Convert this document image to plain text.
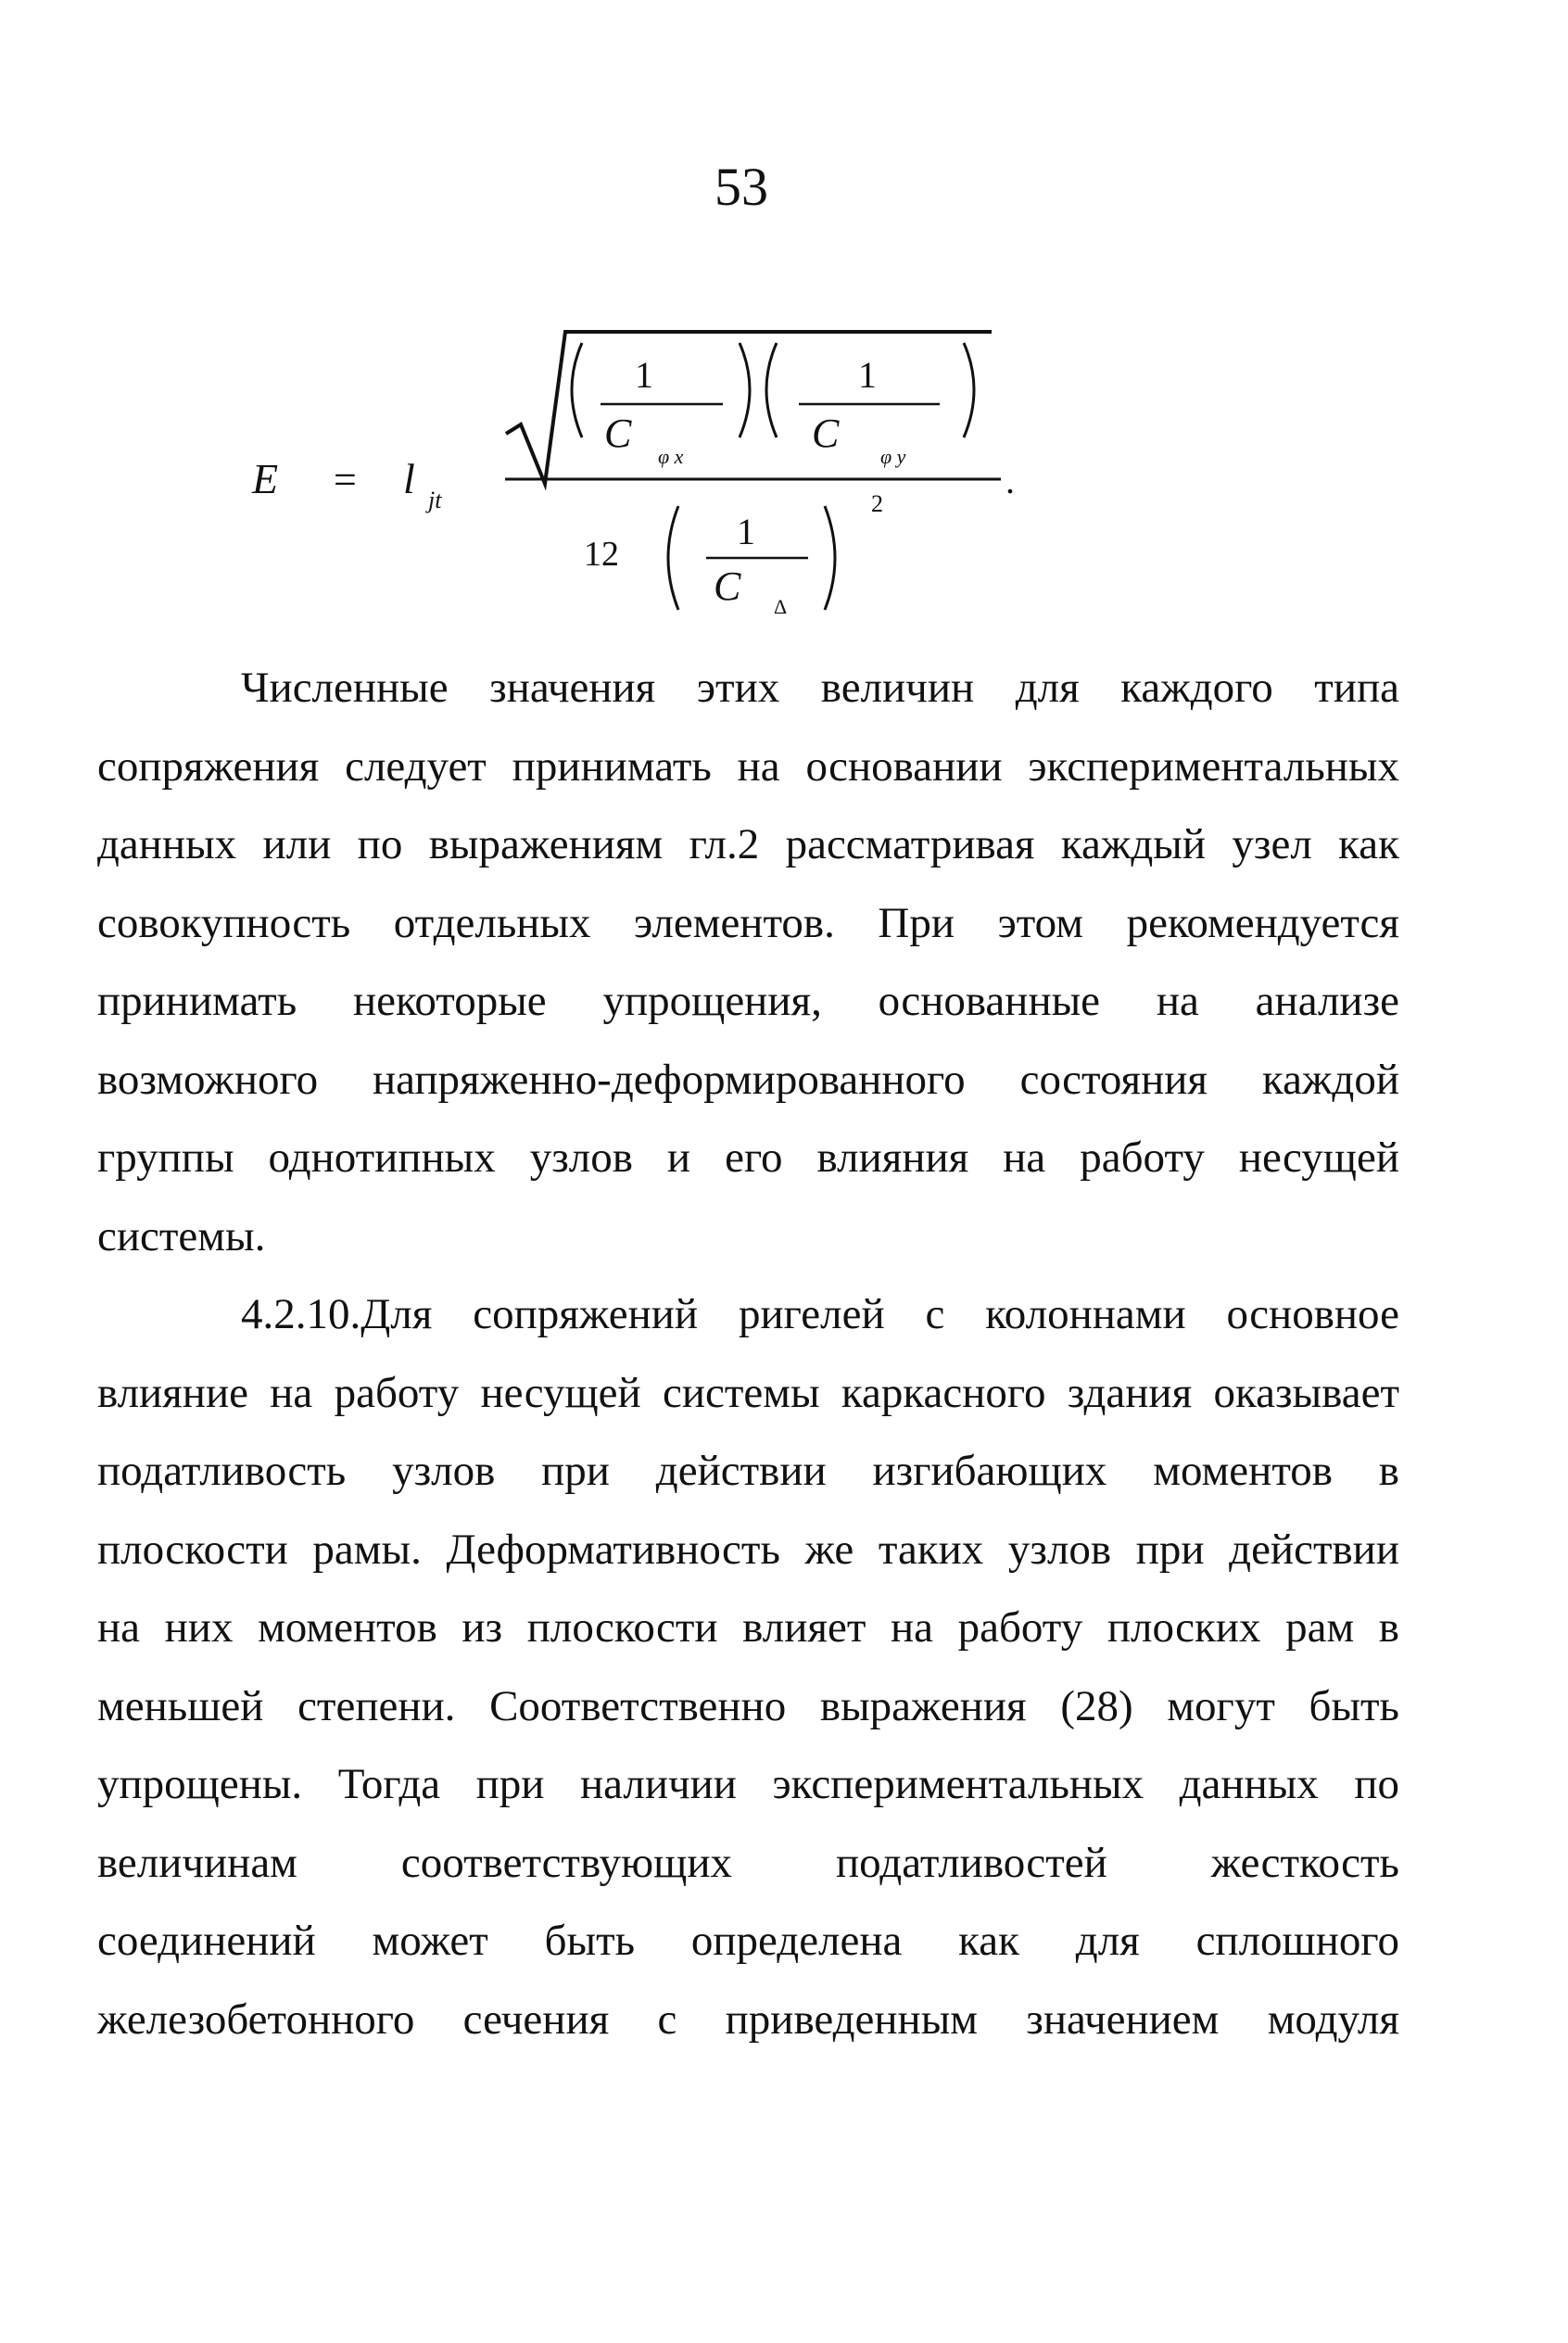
53
E = l jt
1
C
φ x
1
C
φ y
.
12
1
C Δ
2

Численные значения этих величин для каждого типа

сопряжения следует принимать на основании экспериментальных

данных или по выражениям гл.2 рассматривая каждый узел как

совокупность отдельных элементов. При этом рекомендуется

принимать некоторые упрощения, основанные на анализе

возможного напряженно-деформированного состояния каждой

группы однотипных узлов и его влияния на работу несущей

системы.

4.2.10.Для сопряжений ригелей с колоннами основное

влияние на работу несущей системы каркасного здания оказывает

податливость узлов при действии изгибающих моментов в

плоскости рамы. Деформативность же таких узлов при действии

на них моментов из плоскости влияет на работу плоских рам в

меньшей степени. Соответственно выражения (28) могут быть

упрощены. Тогда при наличии экспериментальных данных по

величинам соответствующих податливостей жесткость

соединений может быть определена как для сплошного

железобетонного сечения с приведенным значением модуля
